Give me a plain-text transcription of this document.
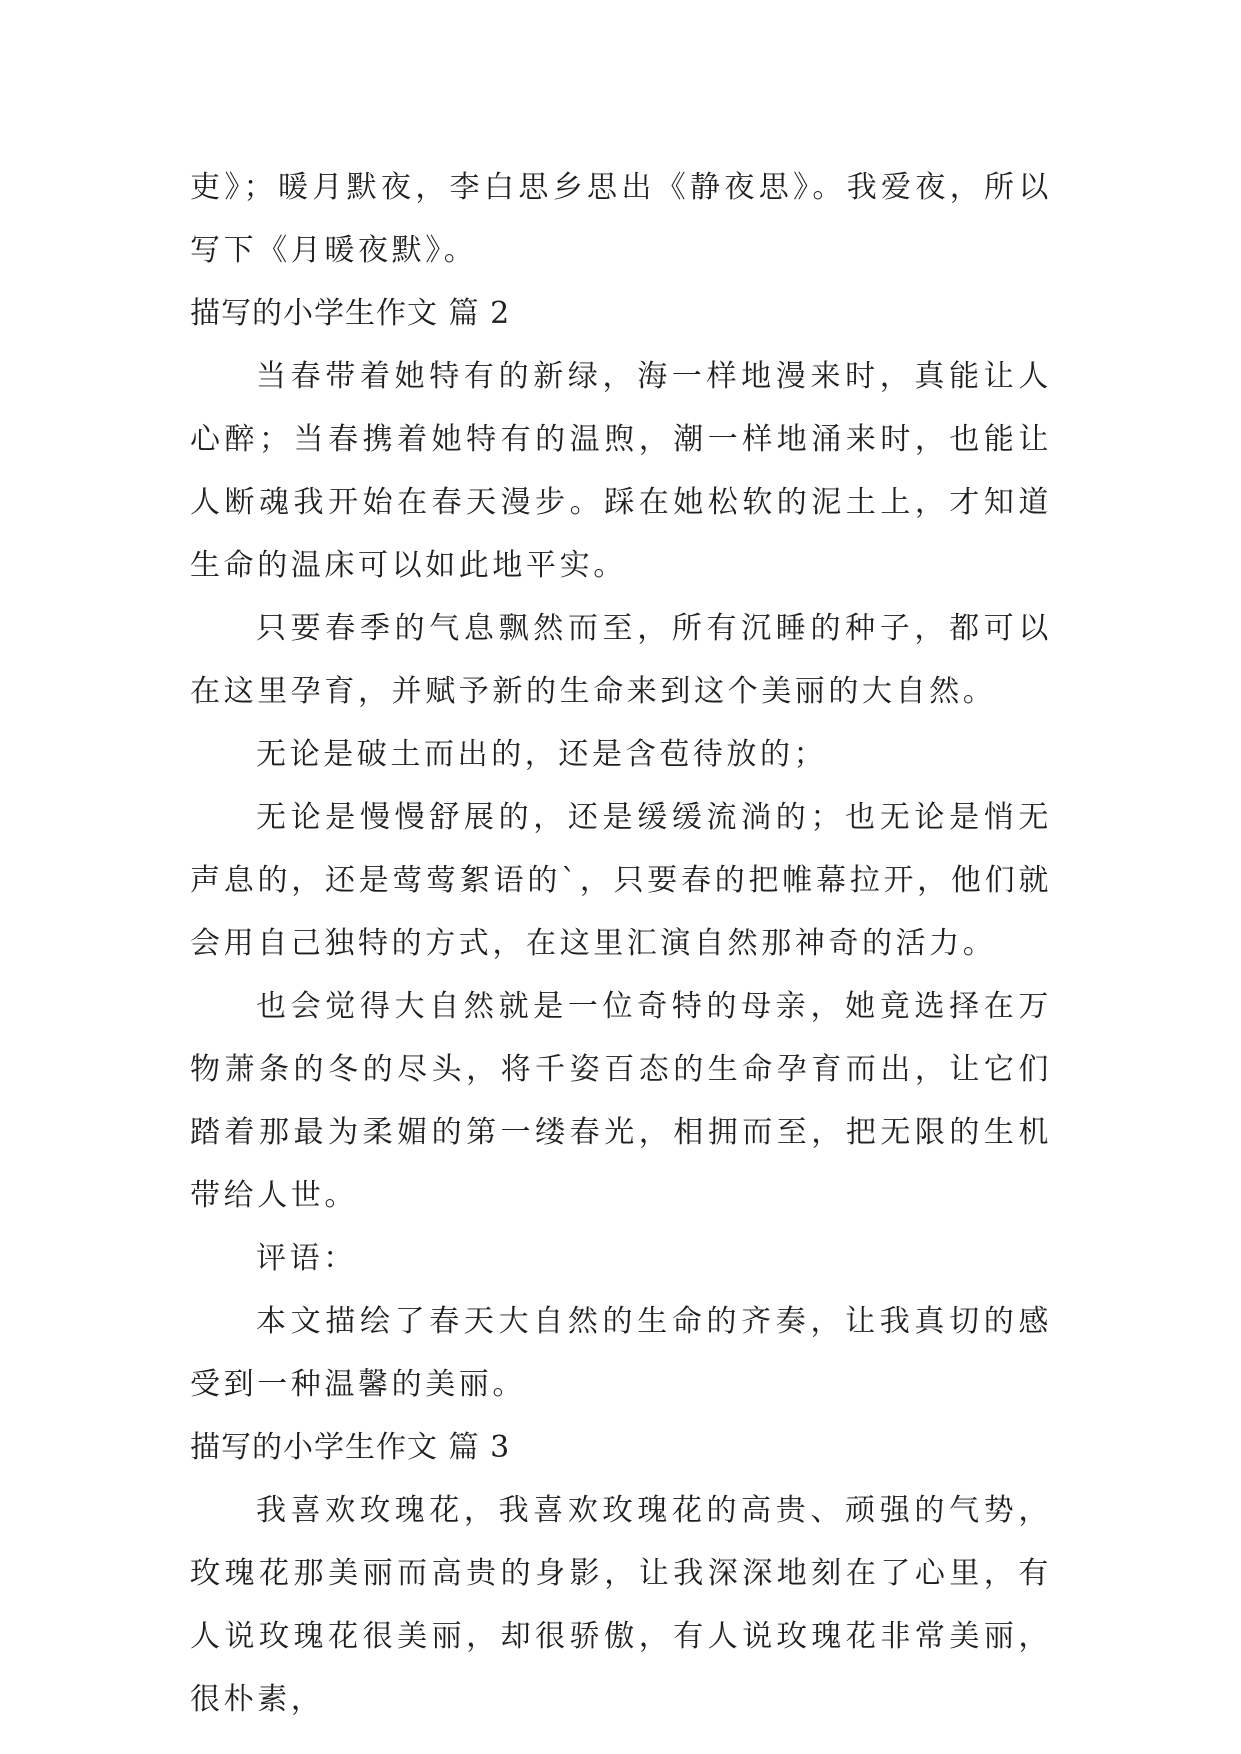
吏》；暖月默夜，李白思乡思出《静夜思》。我爱夜，所以写下《月暖夜默》。

描写的小学生作文 篇 2

当春带着她特有的新绿，海一样地漫来时，真能让人心醉；当春携着她特有的温煦，潮一样地涌来时，也能让人断魂我开始在春天漫步。踩在她松软的泥土上，才知道生命的温床可以如此地平实。

只要春季的气息飘然而至，所有沉睡的种子，都可以在这里孕育，并赋予新的生命来到这个美丽的大自然。

无论是破土而出的，还是含苞待放的；

无论是慢慢舒展的，还是缓缓流淌的；也无论是悄无声息的，还是莺莺絮语的`，只要春的把帷幕拉开，他们就会用自己独特的方式，在这里汇演自然那神奇的活力。

也会觉得大自然就是一位奇特的母亲，她竟选择在万物萧条的冬的尽头，将千姿百态的生命孕育而出，让它们踏着那最为柔媚的第一缕春光，相拥而至，把无限的生机带给人世。

评语：

本文描绘了春天大自然的生命的齐奏，让我真切的感受到一种温馨的美丽。

描写的小学生作文 篇 3

我喜欢玫瑰花，我喜欢玫瑰花的高贵、顽强的气势，玫瑰花那美丽而高贵的身影，让我深深地刻在了心里，有人说玫瑰花很美丽，却很骄傲，有人说玫瑰花非常美丽，很朴素，
